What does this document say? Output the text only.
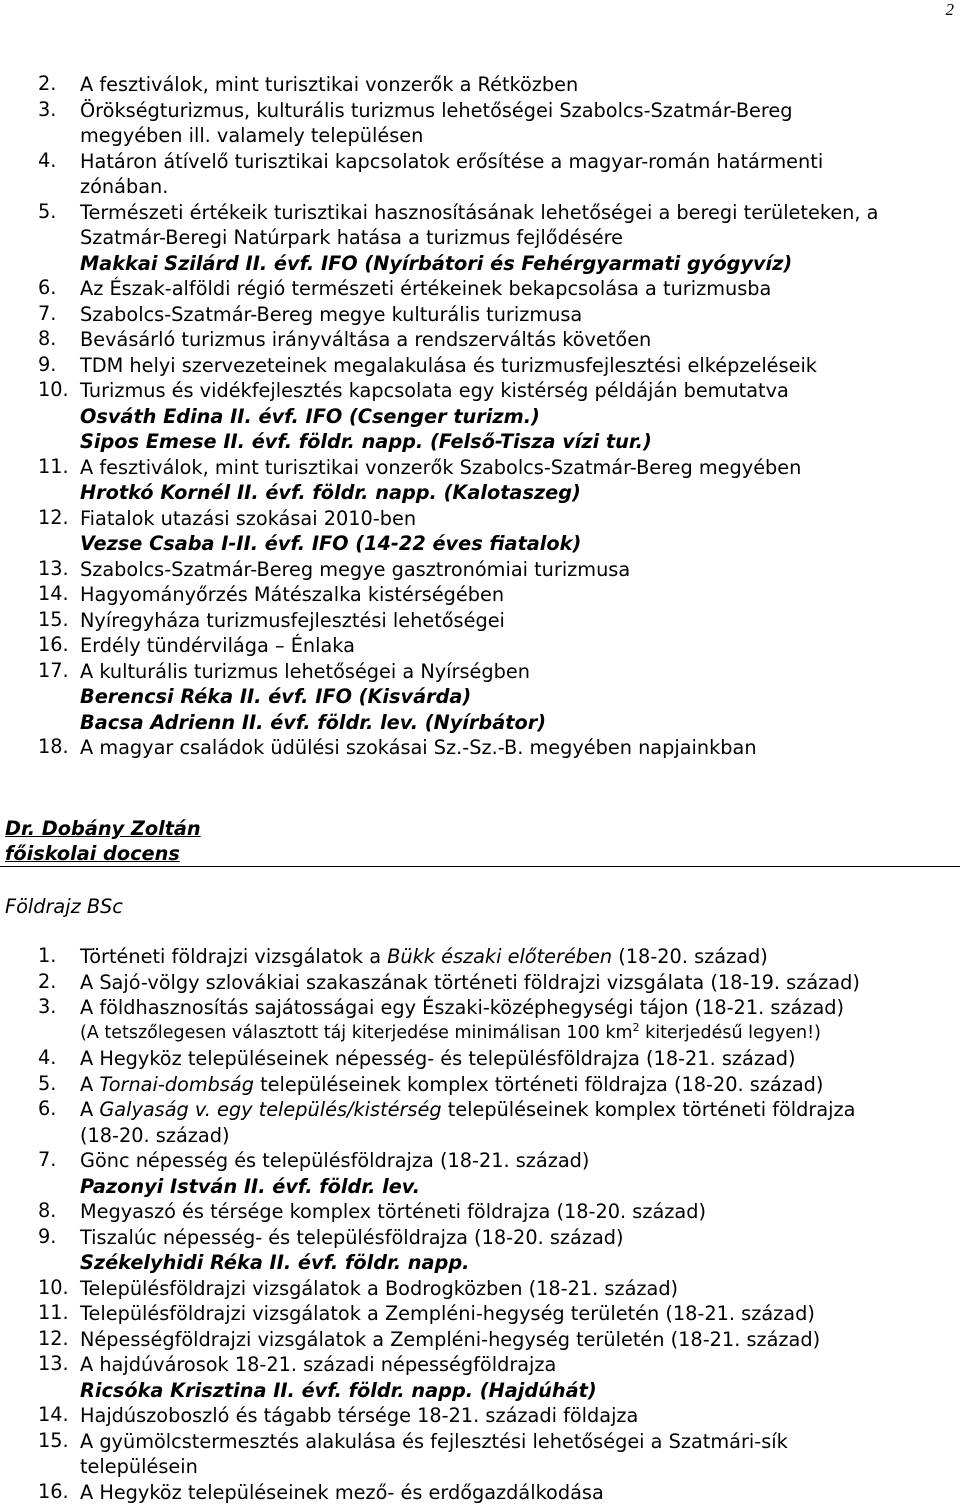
2
2.	A fesztiválok, mint turisztikai vonzerők a Rétközben
3.	Örökségturizmus, kulturális turizmus lehetőségei Szabolcs-Szatmár-Bereg
megyében ill. valamely településen
4.	Határon átívelő turisztikai kapcsolatok erősítése a magyar-román határmenti
zónában.
5.	Természeti értékeik turisztikai hasznosításának lehetőségei a beregi területeken, a
Szatmár-Beregi Natúrpark hatása a turizmus fejlődésére
Makkai Szilárd II. évf. IFO (Nyírbátori és Fehérgyarmati gyógyvíz)
6.	Az Észak-alföldi régió természeti értékeinek bekapcsolása a turizmusba
7.	Szabolcs-Szatmár-Bereg megye kulturális turizmusa
8.	Bevásárló turizmus irányváltása a rendszerváltás követően
9.	TDM helyi szervezeteinek megalakulása és turizmusfejlesztési elképzeléseik
10. Turizmus és vidékfejlesztés kapcsolata egy kistérség példáján bemutatva
Osváth Edina II. évf. IFO (Csenger turizm.)
Sipos Emese II. évf. földr. napp. (Felső-Tisza vízi tur.)
11. A fesztiválok, mint turisztikai vonzerők Szabolcs-Szatmár-Bereg megyében
Hrotkó Kornél II. évf. földr. napp. (Kalotaszeg)
12. Fiatalok utazási szokásai 2010-ben
Vezse Csaba I-II. évf. IFO (14-22 éves fiatalok)
13. Szabolcs-Szatmár-Bereg megye gasztronómiai turizmusa
14. Hagyományőrzés Mátészalka kistérségében
15. Nyíregyháza turizmusfejlesztési lehetőségei
16. Erdély tündérvilága – Énlaka
17. A kulturális turizmus lehetőségei a Nyírségben
Berencsi Réka II. évf. IFO (Kisvárda)
Bacsa Adrienn II. évf. földr. lev. (Nyírbátor)
18. A magyar családok üdülési szokásai Sz.-Sz.-B. megyében napjainkban
Dr. Dobány Zoltán
főiskolai docens
Földrajz BSc
1.	Történeti földrajzi vizsgálatok a Bükk északi előterében (18-20. század)
2.	A Sajó-völgy szlovákiai szakaszának történeti földrajzi vizsgálata (18-19. század)
3.	A földhasznosítás sajátosságai egy Északi-középhegységi tájon (18-21. század)
(A tetszőlegesen választott táj kiterjedése minimálisan 100 $km^2$ kiterjedésű legyen!)
4.	A Hegyköz településeinek népesség- és településföldrajza (18-21. század)
5.	A Tornai-dombság településeinek komplex történeti földrajza (18-20. század)
6.	A Galyaság v. egy település/kistérség településeinek komplex történeti földrajza
(18-20. század)
7.	Gönc népesség és településföldrajza (18-21. század)
Pazonyi István II. évf. földr. lev.
8.	Megyaszó és térsége komplex történeti földrajza (18-20. század)
9.	Tiszalúc népesség- és településföldrajza (18-20. század)
Székelyhidi Réka II. évf. földr. napp.
10. Településföldrajzi vizsgálatok a Bodrogközben (18-21. század)
11. Településföldrajzi vizsgálatok a Zempléni-hegység területén (18-21. század)
12. Népességföldrajzi vizsgálatok a Zempléni-hegység területén (18-21. század)
13. A hajdúvárosok 18-21. századi népességföldrajza
Ricsóka Krisztina II. évf. földr. napp. (Hajdúhát)
14. Hajdúszoboszló és tágabb térsége 18-21. századi földajza
15. A gyümölcstermesztés alakulása és fejlesztési lehetőségei a Szatmári-sík
településein
16. A Hegyköz településeinek mező- és erdőgazdálkodása
